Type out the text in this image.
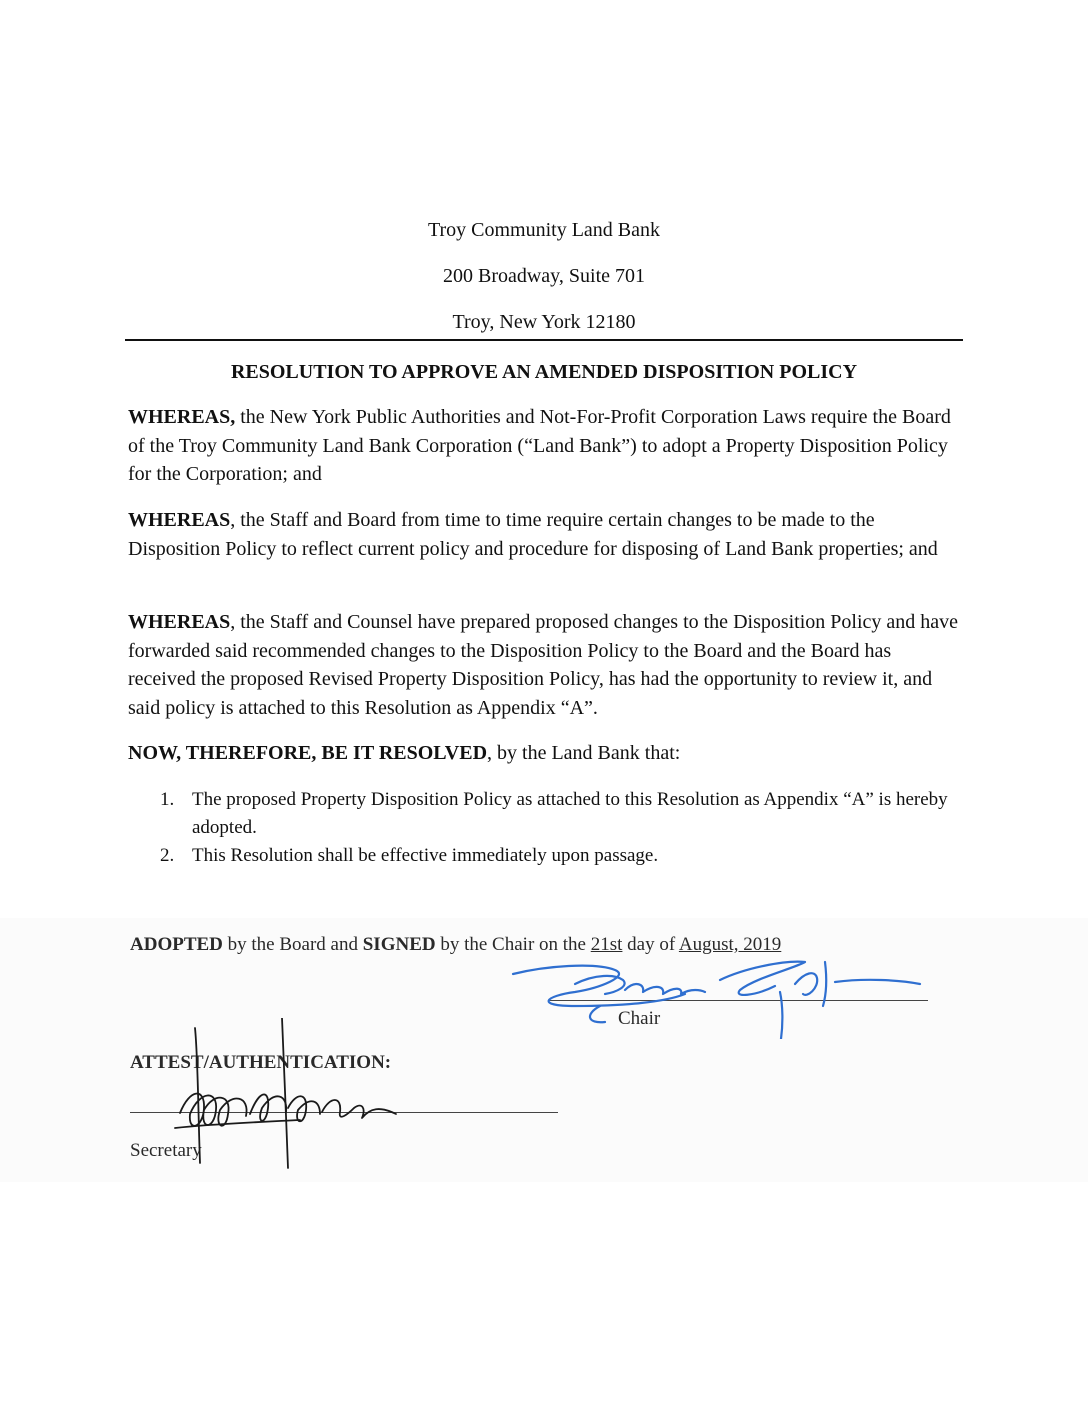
Troy Community Land Bank
200 Broadway, Suite 701
Troy, New York 12180
RESOLUTION TO APPROVE AN AMENDED DISPOSITION POLICY
WHEREAS, the New York Public Authorities and Not-For-Profit Corporation Laws require the Board of the Troy Community Land Bank Corporation (“Land Bank”) to adopt a Property Disposition Policy for the Corporation; and
WHEREAS, the Staff and Board from time to time require certain changes to be made to the Disposition Policy to reflect current policy and procedure for disposing of Land Bank properties; and
WHEREAS, the Staff and Counsel have prepared proposed changes to the Disposition Policy and have forwarded said recommended changes to the Disposition Policy to the Board and the Board has received the proposed Revised Property Disposition Policy, has had the opportunity to review it, and said policy is attached to this Resolution as Appendix “A”.
NOW, THEREFORE, BE IT RESOLVED, by the Land Bank that:
1. The proposed Property Disposition Policy as attached to this Resolution as Appendix “A” is hereby adopted.
2. This Resolution shall be effective immediately upon passage.
ADOPTED by the Board and SIGNED by the Chair on the 21st day of August, 2019
Chair
ATTEST/AUTHENTICATION:
Secretary
